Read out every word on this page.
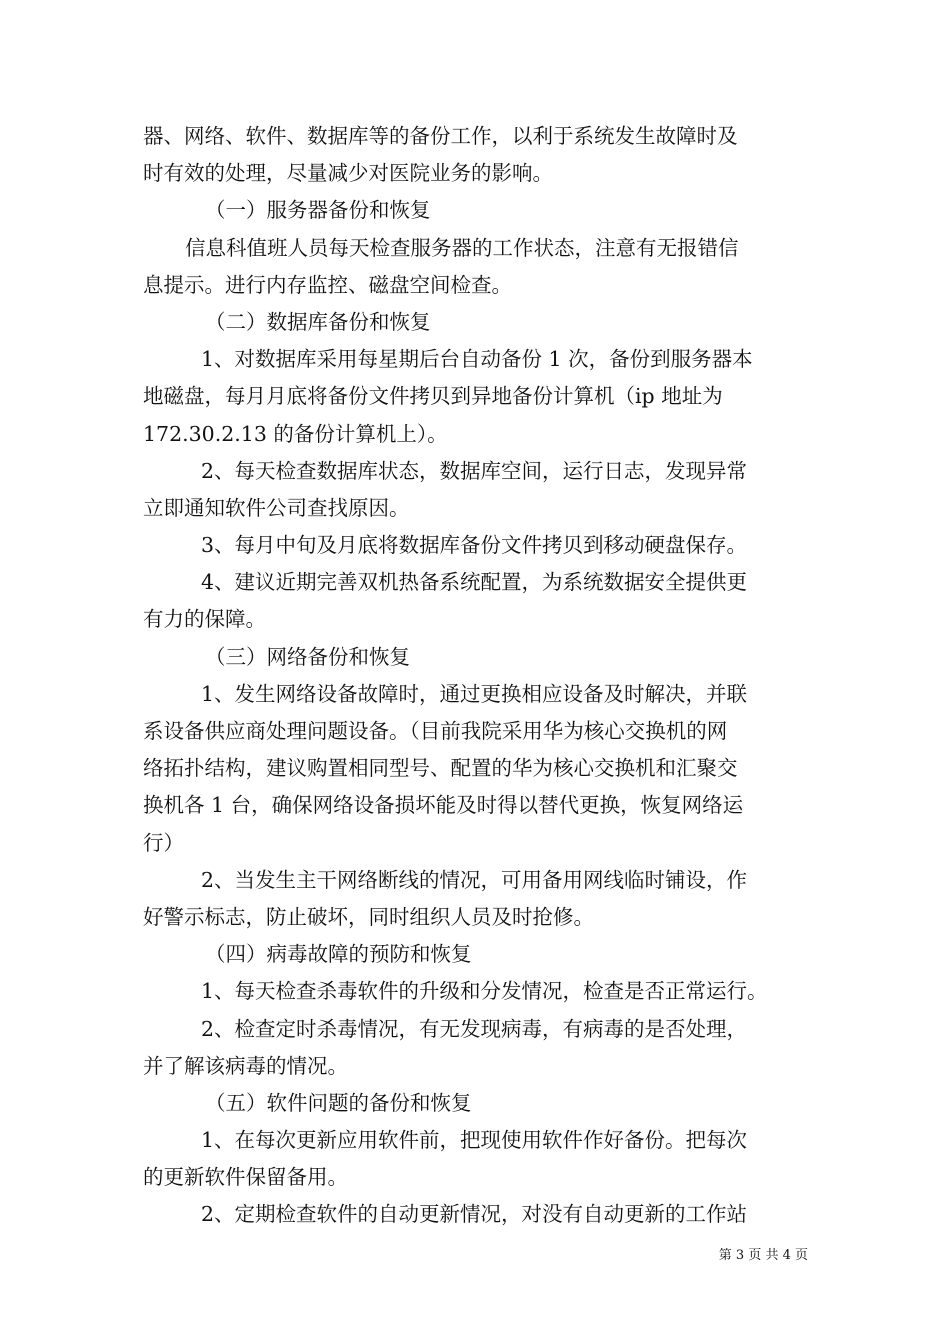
器、网络、软件、数据库等的备份工作，以利于系统发生故障时及
时有效的处理，尽量减少对医院业务的影响。
（一）服务器备份和恢复
信息科值班人员每天检查服务器的工作状态，注意有无报错信
息提示。进行内存监控、磁盘空间检查。
（二）数据库备份和恢复
1、对数据库采用每星期后台自动备份 1 次，备份到服务器本
地磁盘，每月月底将备份文件拷贝到异地备份计算机（ip 地址为
172.30.2.13 的备份计算机上）。
2、每天检查数据库状态，数据库空间，运行日志，发现异常
立即通知软件公司查找原因。
3、每月中旬及月底将数据库备份文件拷贝到移动硬盘保存。
4、建议近期完善双机热备系统配置，为系统数据安全提供更
有力的保障。
（三）网络备份和恢复
1、发生网络设备故障时，通过更换相应设备及时解决，并联
系设备供应商处理问题设备。（目前我院采用华为核心交换机的网
络拓扑结构，建议购置相同型号、配置的华为核心交换机和汇聚交
换机各 1 台，确保网络设备损坏能及时得以替代更换，恢复网络运
行）
2、当发生主干网络断线的情况，可用备用网线临时铺设，作
好警示标志，防止破坏，同时组织人员及时抢修。
（四）病毒故障的预防和恢复
1、每天检查杀毒软件的升级和分发情况，检查是否正常运行。
2、检查定时杀毒情况，有无发现病毒，有病毒的是否处理，
并了解该病毒的情况。
（五）软件问题的备份和恢复
1、在每次更新应用软件前，把现使用软件作好备份。把每次
的更新软件保留备用。
2、定期检查软件的自动更新情况，对没有自动更新的工作站
第 3 页 共 4 页
